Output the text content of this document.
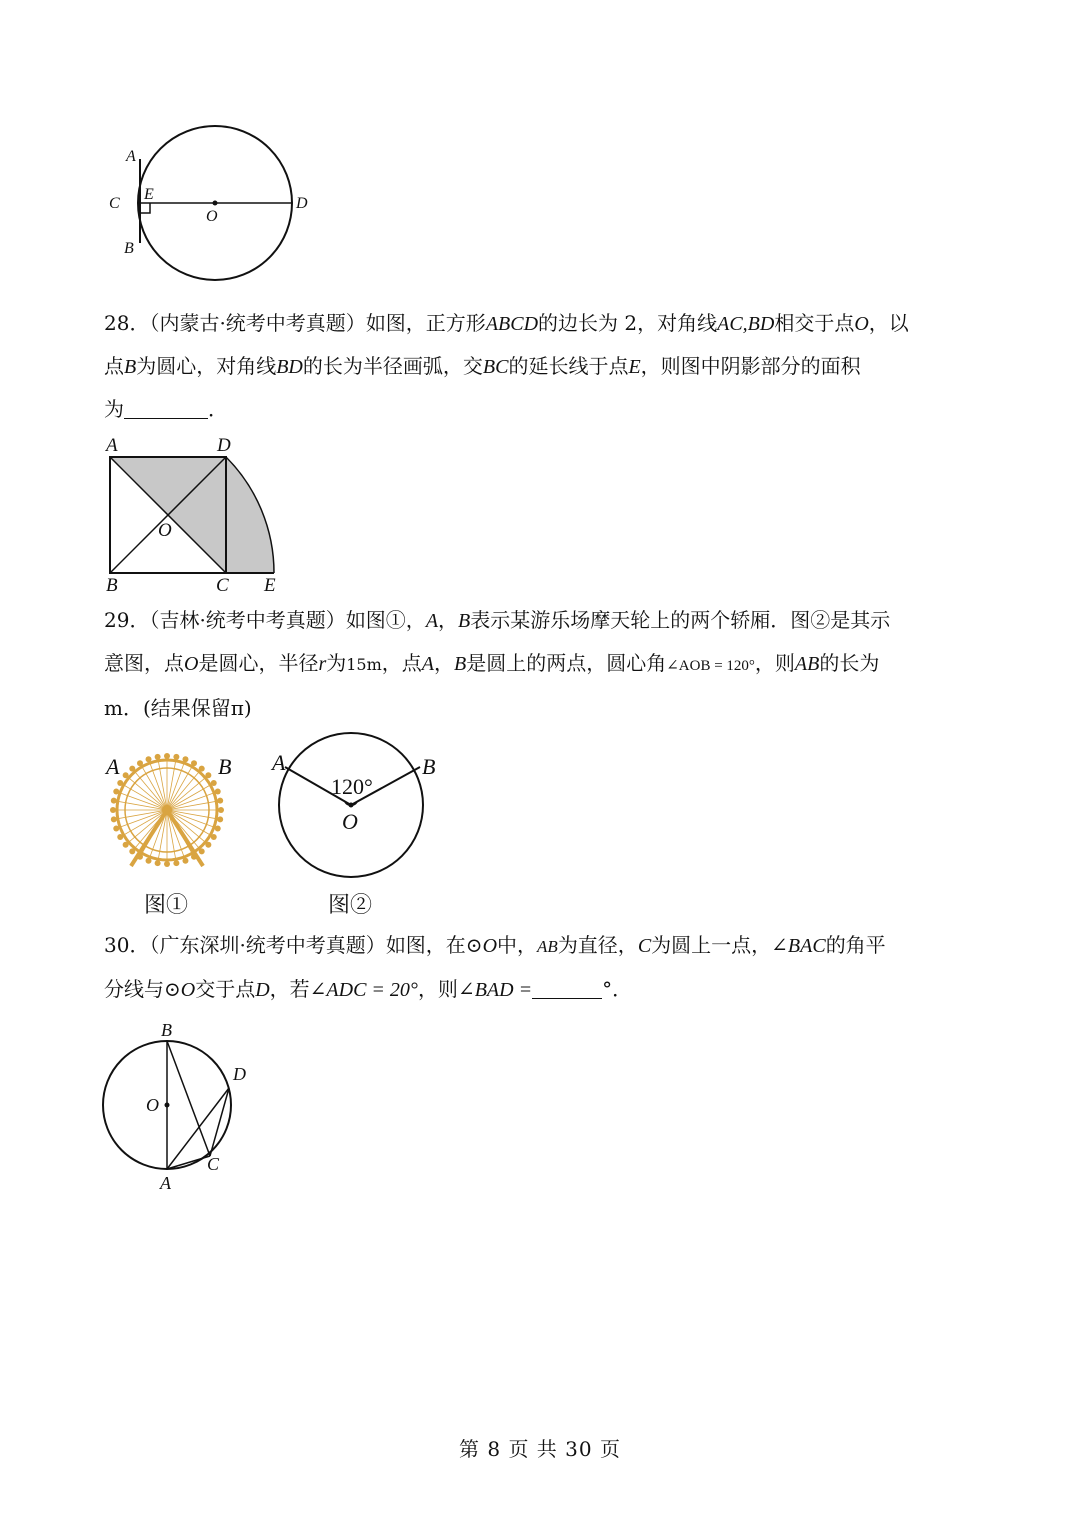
A
B
C
E
O
D
28．（内蒙古·统考中考真题）如图，正方形ABCD的边长为 2，对角线AC,BD相交于点O，以
点B为圆心，对角线BD的长为半径画弧，交BC的延长线于点E，则图中阴影部分的面积
为	．
A	D
O
B	C E
29．（吉林·统考中考真题）如图①，A，B表示某游乐场摩天轮上的两个轿厢．图②是其示
意图，点O是圆心，半径r为15m，点A，B是圆上的两点，圆心角∠AOB = 120°，则AB的长为
m．(结果保留π)
A	B A	B
120°
O
图①	图②
30．（广东深圳·统考中考真题）如图，在⊙O中，AB为直径，C为圆上一点，∠BAC的角平
分线与⊙O交于点D，若∠ADC = 20°，则∠BAD =	°．
B
D
O
C
A
第 8 页 共 30 页
